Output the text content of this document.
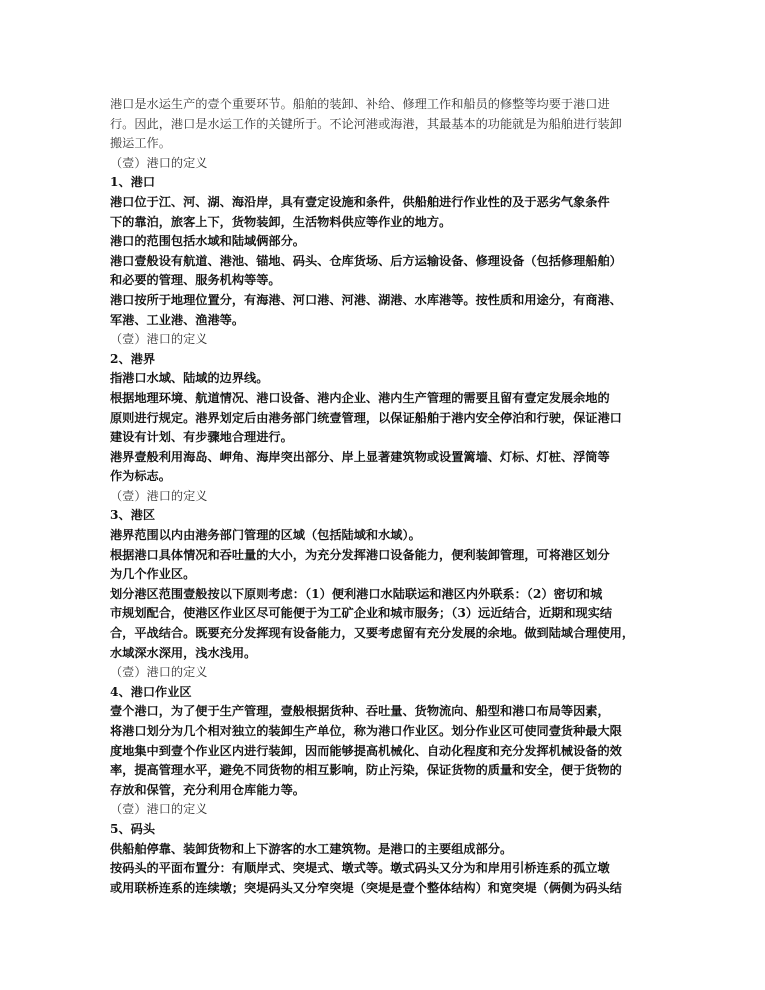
港口是水运生产的壹个重要环节。船舶的装卸、补给、修理工作和船员的修整等均要于港口进
行。因此，港口是水运工作的关键所于。不论河港或海港，其最基本的功能就是为船舶进行装卸
搬运工作。
（壹）港口的定义
1、港口
港口位于江、河、湖、海沿岸，具有壹定设施和条件，供船舶进行作业性的及于恶劣气象条件
下的靠泊，旅客上下，货物装卸，生活物料供应等作业的地方。
港口的范围包括水域和陆域俩部分。
港口壹般设有航道、港池、锚地、码头、仓库货场、后方运输设备、修理设备（包括修理船舶）
和必要的管理、服务机构等等。
港口按所于地理位置分，有海港、河口港、河港、湖港、水库港等。按性质和用途分，有商港、
军港、工业港、渔港等。
（壹）港口的定义
2、港界
指港口水域、陆域的边界线。
根据地理环境、航道情况、港口设备、港内企业、港内生产管理的需要且留有壹定发展余地的
原则进行规定。港界划定后由港务部门统壹管理，以保证船舶于港内安全停泊和行驶，保证港口
建设有计划、有步骤地合理进行。
港界壹般利用海岛、岬角、海岸突出部分、岸上显著建筑物或设置篱墙、灯标、灯桩、浮筒等
作为标志。
（壹）港口的定义
3、港区
港界范围以内由港务部门管理的区域（包括陆域和水域）。
根据港口具体情况和吞吐量的大小，为充分发挥港口设备能力，便利装卸管理，可将港区划分
为几个作业区。
划分港区范围壹般按以下原则考虑：（1）便利港口水陆联运和港区内外联系：（2）密切和城
市规划配合，使港区作业区尽可能便于为工矿企业和城市服务；（3）远近结合，近期和现实结
合，平战结合。既要充分发挥现有设备能力，又要考虑留有充分发展的余地。做到陆域合理使用，
水域深水深用，浅水浅用。
（壹）港口的定义
4、港口作业区
壹个港口，为了便于生产管理，壹般根据货种、吞吐量、货物流向、船型和港口布局等因素，
将港口划分为几个相对独立的装卸生产单位，称为港口作业区。划分作业区可使同壹货种最大限
度地集中到壹个作业区内进行装卸，因而能够提高机械化、自动化程度和充分发挥机械设备的效
率，提高管理水平，避免不同货物的相互影响，防止污染，保证货物的质量和安全，便于货物的
存放和保管，充分利用仓库能力等。
（壹）港口的定义
5、码头
供船舶停靠、装卸货物和上下游客的水工建筑物。是港口的主要组成部分。
按码头的平面布置分：有顺岸式、突堤式、墩式等。墩式码头又分为和岸用引桥连系的孤立墩
或用联桥连系的连续墩；突堤码头又分窄突堤（突堤是壹个整体结构）和宽突堤（俩侧为码头结
